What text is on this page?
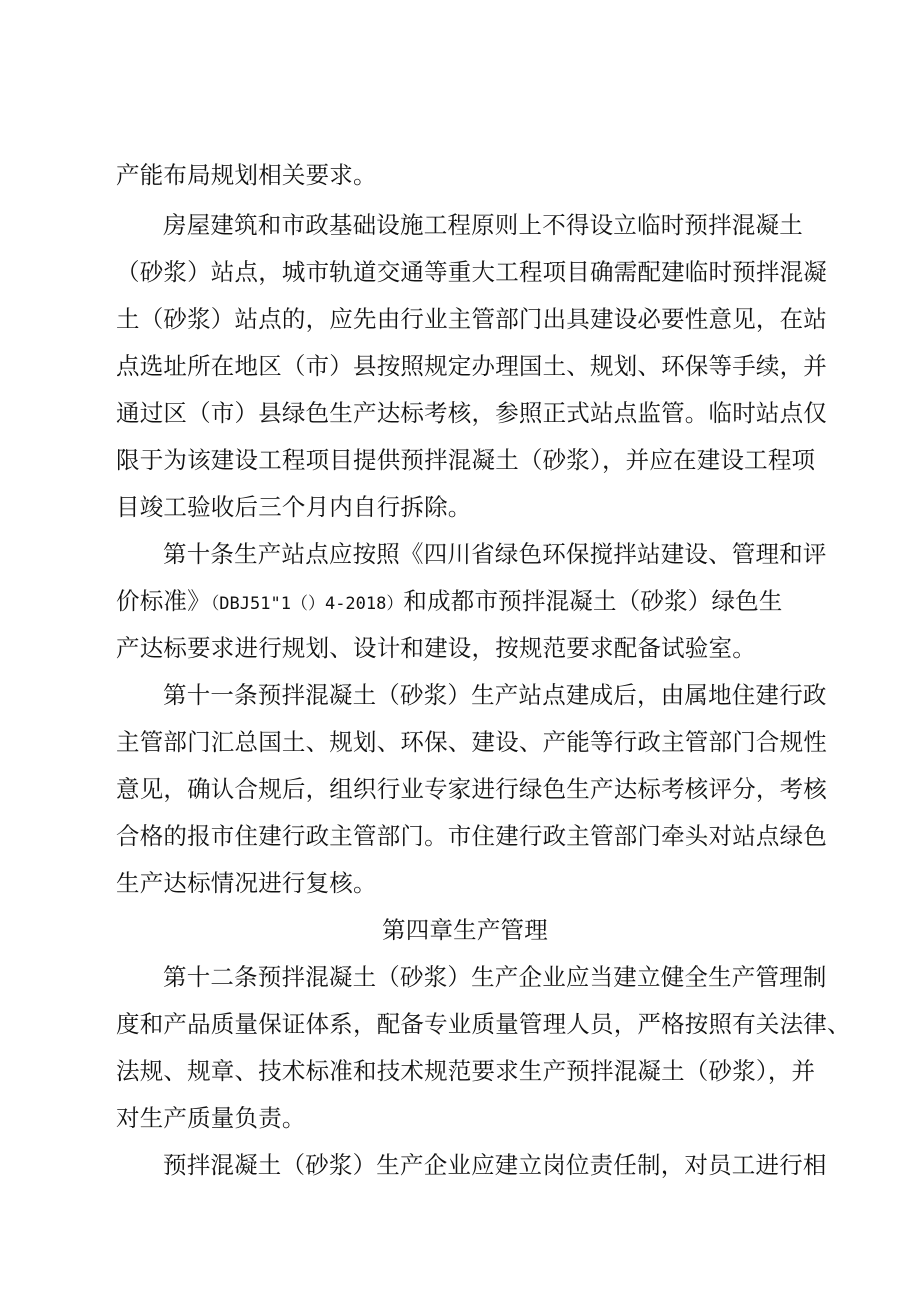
产能布局规划相关要求。
房屋建筑和市政基础设施工程原则上不得设立临时预拌混凝土
（砂浆）站点，城市轨道交通等重大工程项目确需配建临时预拌混凝
土（砂浆）站点的，应先由行业主管部门出具建设必要性意见，在站
点选址所在地区（市）县按照规定办理国土、规划、环保等手续，并
通过区（市）县绿色生产达标考核，参照正式站点监管。临时站点仅
限于为该建设工程项目提供预拌混凝土（砂浆），并应在建设工程项
目竣工验收后三个月内自行拆除。
第十条生产站点应按照《四川省绿色环保搅拌站建设、管理和评
价标准》（DBJ51"1（）4-2018）和成都市预拌混凝土（砂浆）绿色生
产达标要求进行规划、设计和建设，按规范要求配备试验室。
第十一条预拌混凝土（砂浆）生产站点建成后，由属地住建行政
主管部门汇总国土、规划、环保、建设、产能等行政主管部门合规性
意见，确认合规后，组织行业专家进行绿色生产达标考核评分，考核
合格的报市住建行政主管部门。市住建行政主管部门牵头对站点绿色
生产达标情况进行复核。
第四章生产管理
第十二条预拌混凝土（砂浆）生产企业应当建立健全生产管理制
度和产品质量保证体系，配备专业质量管理人员，严格按照有关法律、
法规、规章、技术标准和技术规范要求生产预拌混凝土（砂浆），并
对生产质量负责。
预拌混凝土（砂浆）生产企业应建立岗位责任制，对员工进行相
